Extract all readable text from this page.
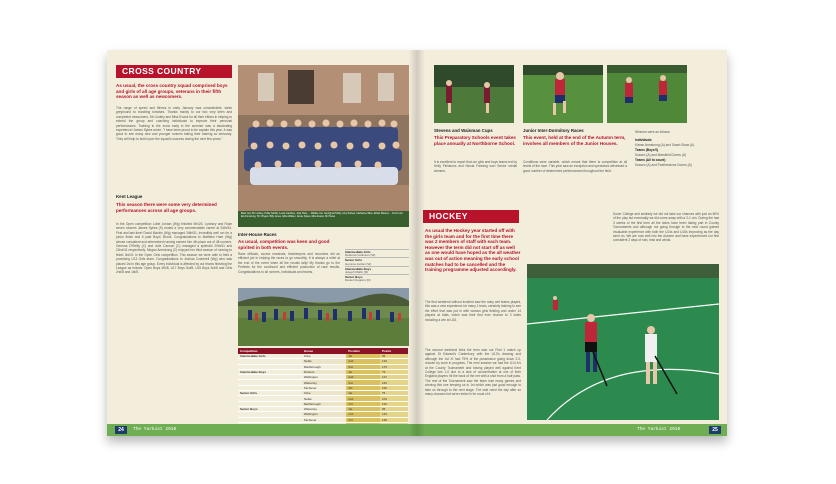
CROSS COUNTRY
As usual, the cross country squad comprised boys and girls of all age groups, veterans in their fifth season as well as newcomers.
The range of speed and fitness in early January was considerable, sleek greyhound to trundling tortoises. Thanks mainly to our two very keen and competent newcomers, Mr Lindley and Miss Evans for all their efforts in helping to extend the group and coaching individuals to improve their personal performances. Training in the snow early in the summer was a fascinating experience! James Sykes wrote, "I have been proud to be captain this year. It was good to see many new and younger runners taking their training so seriously. They will help to build upon the squad's success during the next few years."
Kent League
This season there were some very determined performances across all age groups.
In the Open competition Lollie Jordan (Wg) finished 6th/25, Lyndsey and Rose seven runners James Sykes (S) ended a very commendable career at 34th/51. First and last time! David Mackin (Wg) managed 34th/51, Incredibly well run for a junior finish and it paid Boyd, Brook. Congratulations to Matthew Hare (Wg) whose consistent and determined running earned him 4th place out of 48 runners. Gemma O'Reilly (C) and Julie Cannon (C) managed a splendid 20th/41 and 22nd/41 respectively. Megan Armstrong (C) enjoyed her third season of running to finish 3rd/41 in the Open Girls competition. This season we were able to field a promising U13 Girls team. Congratulations to Joshua Cockerell (Wg) who was placed 1st in this age group. Every individual is affected by our teams finishing the League as follows: Open Boys 4th/8, U17 Boys 3rd/8, U15 Boys 3rd/8 and Girls 2nd/8 and 1st/5.
Back row: Mr Lindley, Hollie Tebbitt, Lewis Cambes, Jack Hare, ... Middle row: Georgina Holtby, Amy Parkes, Katharine Wise, Ethan Moores ... Front row: Ed Armstrong, Tim Bryant, Billy Jones, Eliza Walker, Jamie Sykes, Miss Evans, Mr Plews
Inter-House Races
As usual, competition was keen and good spirited in both events.
Race officials, course marshals, timekeepers and recorders did an efficient job in helping the races to go smoothly. It is always a relief at the end of the event when all the results tally! My thanks go to the Prefects for the continued and efficient production of race results. Congratulations to all runners, individuals and teams.
Intermediate Girls
Deborah Collinson (W)
Senior Girls
Gemma Jordan (W)
Intermediate Boys
Joseph Mabb (R)
Senior Boys
Daniel Clegram (R)
Competition	House	Position	Points
Intermediate Girls	Clive	1st	95
	Nettle	2nd	133
	Marlborough	3rd	175
Intermediate Boys	Roberts	1st	79
	Wellington	2nd	127
	Walverley	3rd	162
	Kitchener	4th	166
Senior Girls	Clive	1st	75
	Nettle	2nd	103
	Marlborough	3rd	122
Senior Boys	Walverley	1st	95
	Wellington	2nd	123
	Kitchener	3rd	148

24	The Yarkist 2010
Stevens and Wainman Cups
This Preparatory Schools event takes place annually at Northborne School.
It is excellent to report that our girls and boys teams led by Kelly Fieldsons and Nicola Fanning won Senior medal winners.
Junior Inter-Dormitory Races
This event, held at the end of the Autumn term, involves all members of the Junior Houses.
Conditions were variable, which meant that there is competition at all levels of the race. This year saw an exception and spectators witnessed a good number of determined performances throughout the field.
Winners were as follows:
Individuals
Kieran Armstrong (A) and Sarah Shaw (A)
Teams (Boys'0)
Sussex (A) and Marsfield Dorms (A)
Teams (All to count)
Sussex (A) and Featherstone Dorms (A)
HOCKEY
As usual the Hockey year started off with the girls team and for the first time there was 2 members of staff with each team. However the term did not start off as well as one would have hoped as the all weather was out of action meaning the early school matches had to be cancelled and the training programme adjusted accordingly.
The first weekend without incident saw the rainy wet teams played, this was a new experience for many 1 team, certainly training to see the effort that was put in with various girls fielding and under 14 players at trials, which was their first ever chance to 3 sides including a win at U15.
The second weekend links the term saw our First 1 match up against St Edward's Canterbury with the U13's drawing and although the 1st XI had 75% of the possession going down 2-0, chosen by work in progress. The next session we had the U14 A's at the County Tournament and having played well against Kent College lost 1-0 due to a lack of concentration at one of their England players hit the back of the net with a shot from a half pass. The rest of the Tournament saw the team lose many games and winning this one keeping us in 1st which was just good enough to take us through to the next stage. The side need the day after so many chances but were reeled in for most of it.
Dover College and similarly we did not take our chances with just an 80% of the play but eventually we did come away with a 2-1 win. During the last 3 weeks of the first term all the sides have been taking part in County Tournaments and although not going through to the next round gained invaluable experience with both the U14s and U15s improving as the day went on. We are now well into the Autumn and have experienced our first consistent 2 days of rain, mist and winds.
The Yarkist 2010	25
